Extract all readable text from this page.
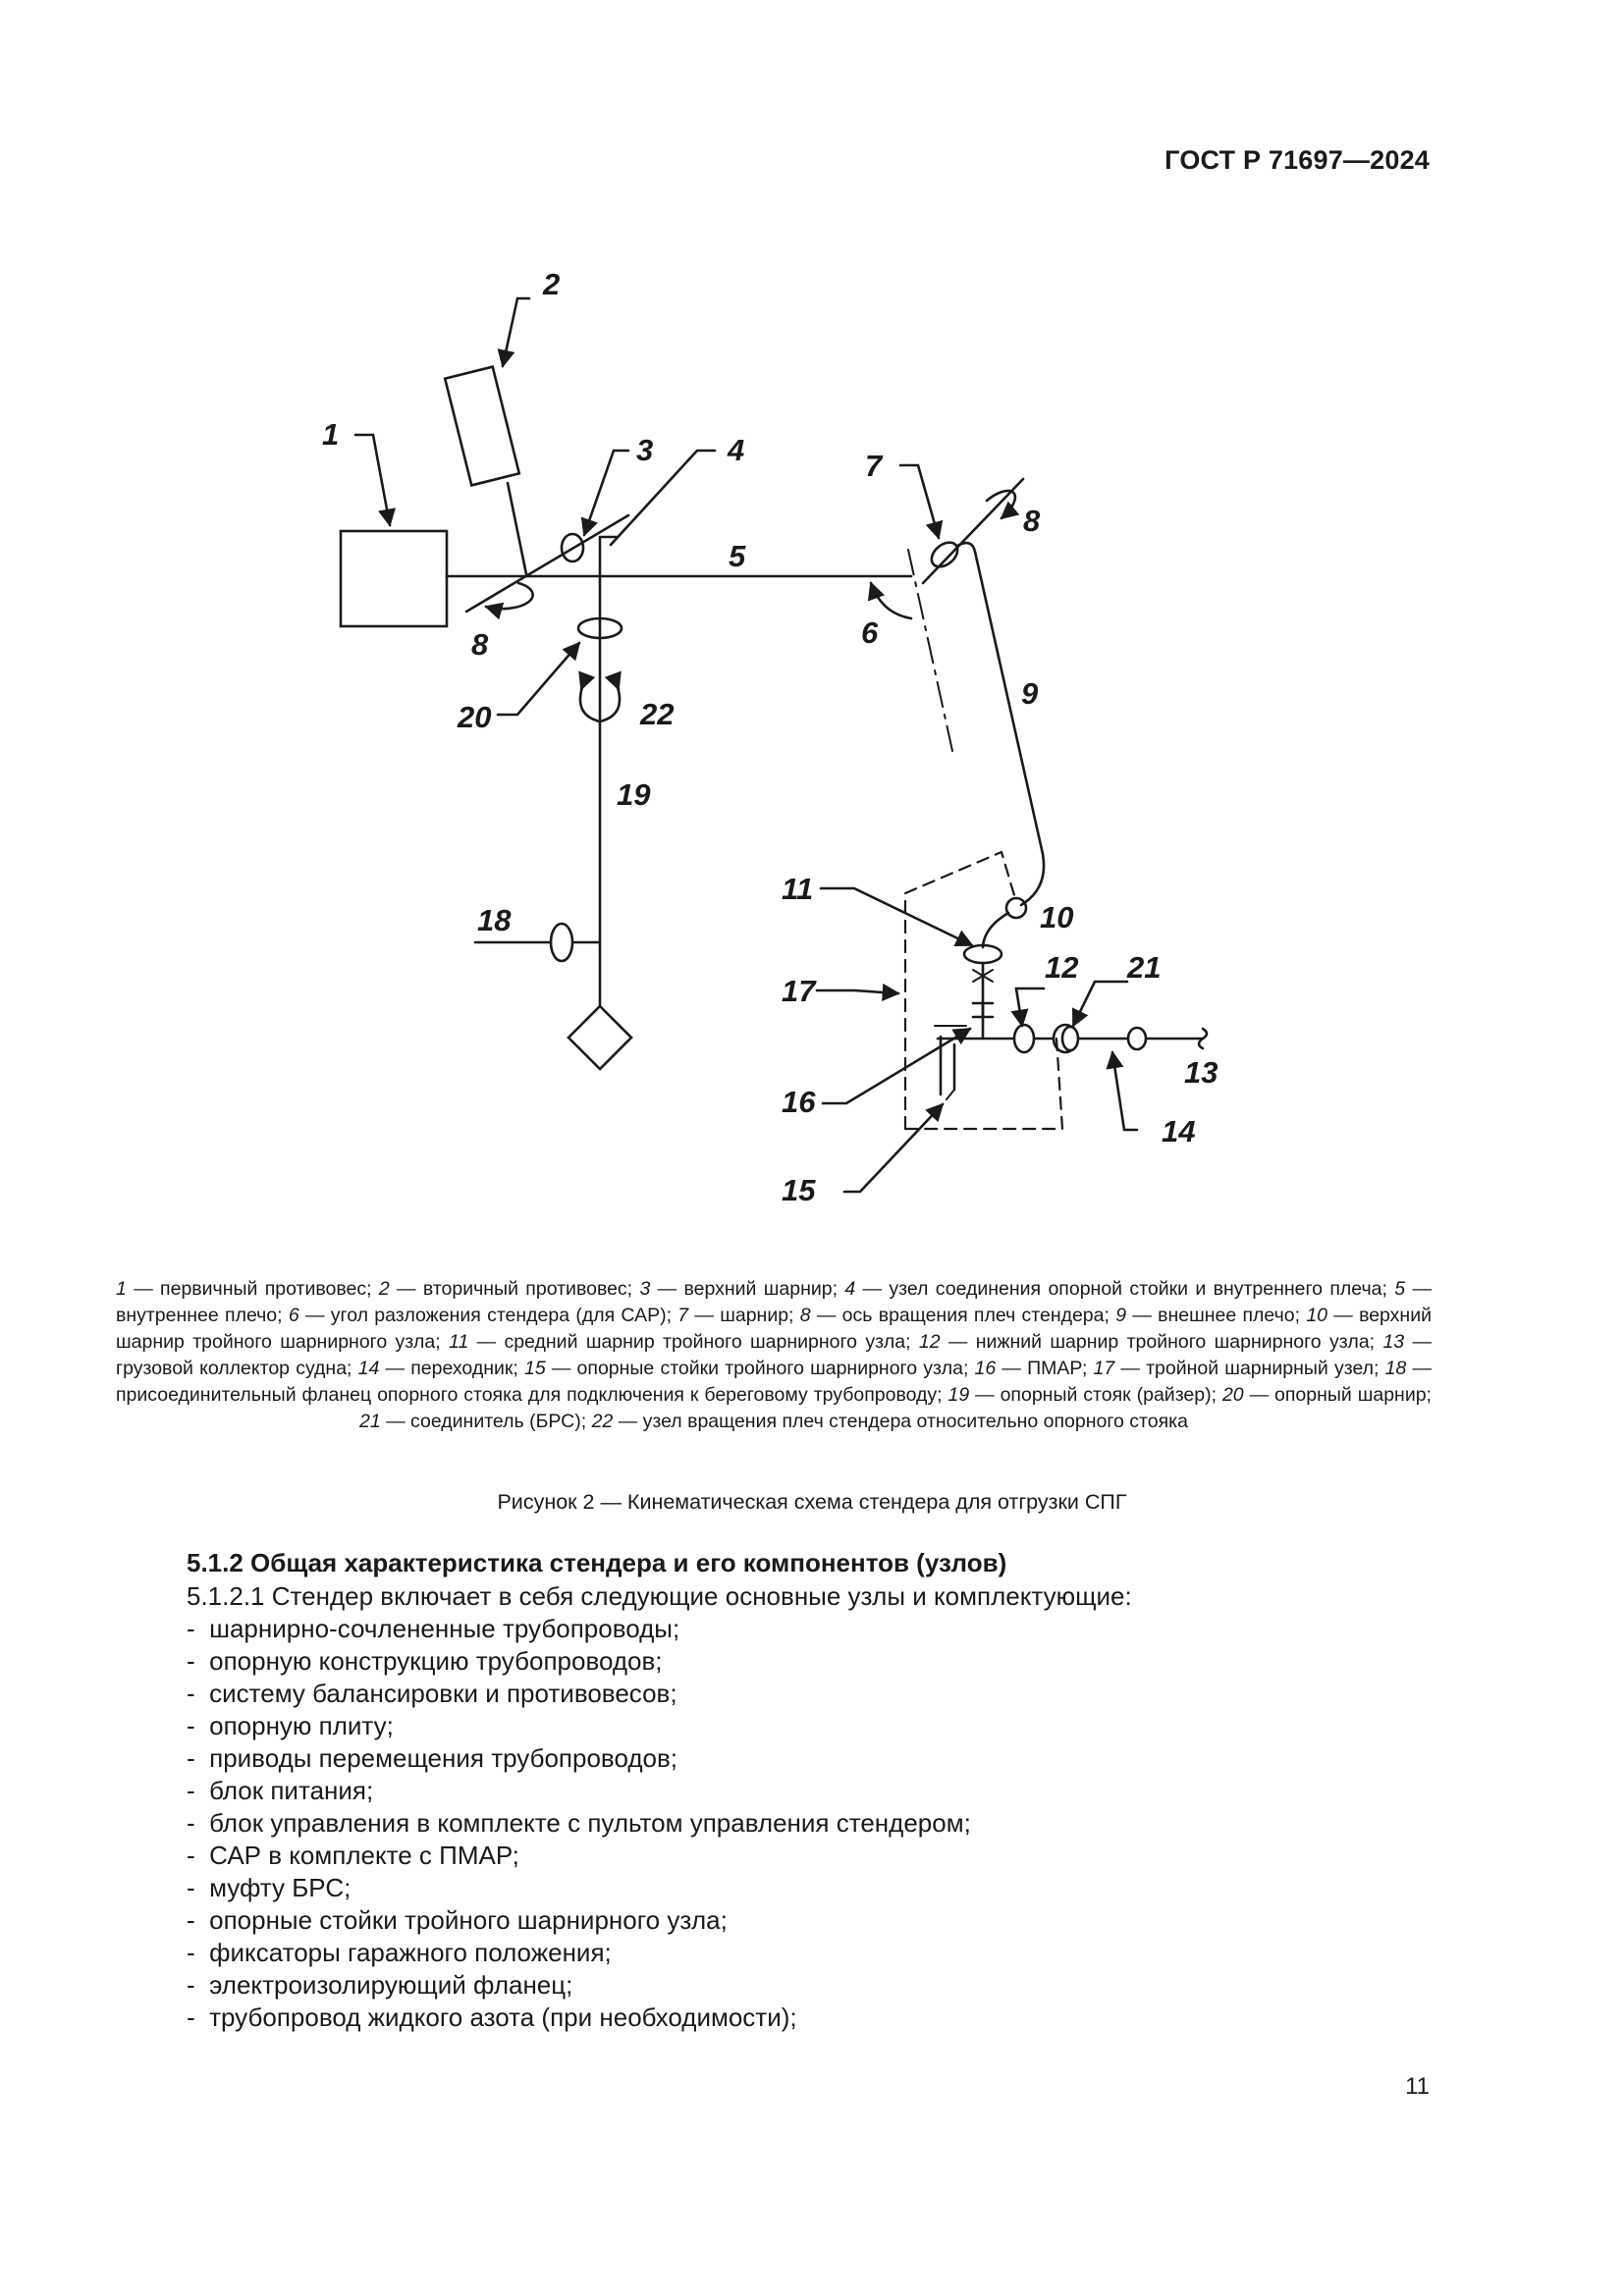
ГОСТ Р 71697—2024
1
2
3 4
5
6
7
8
8
9
10
11
12
13
14
15
16
17
18
19
20
21
22
1 — первичный противовес; 2 — вторичный противовес; 3 — верхний шарнир; 4 — узел соединения опорной стойки и внутреннего плеча; 5 — внутреннее плечо; 6 — угол разложения стендера (для САР); 7 — шарнир; 8 — ось вращения плеч стендера; 9 — внешнее плечо; 10 — верхний шарнир тройного шарнирного узла; 11 — средний шарнир тройного шарнирного узла; 12 — нижний шарнир тройного шарнирного узла; 13 — грузовой коллектор судна; 14 — переходник; 15 — опорные стойки тройного шарнирного узла; 16 — ПМАР; 17 — тройной шарнирный узел; 18 — присоединительный фланец опорного стояка для подключения к береговому трубопроводу; 19 — опорный стояк (райзер); 20 — опорный шарнир; 21 — соединитель (БРС); 22 — узел вращения плеч стендера относительно опорного стояка
Рисунок 2 — Кинематическая схема стендера для отгрузки СПГ
5.1.2 Общая характеристика стендера и его компонентов (узлов)

5.1.2.1 Стендер включает в себя следующие основные узлы и комплектующие:

- шарнирно-сочлененные трубопроводы;
- опорную конструкцию трубопроводов;
- систему балансировки и противовесов;
- опорную плиту;
- приводы перемещения трубопроводов;
- блок питания;
- блок управления в комплекте с пультом управления стендером;
- САР в комплекте с ПМАР;
- муфту БРС;
- опорные стойки тройного шарнирного узла;
- фиксаторы гаражного положения;
- электроизолирующий фланец;
- трубопровод жидкого азота (при необходимости);
11
